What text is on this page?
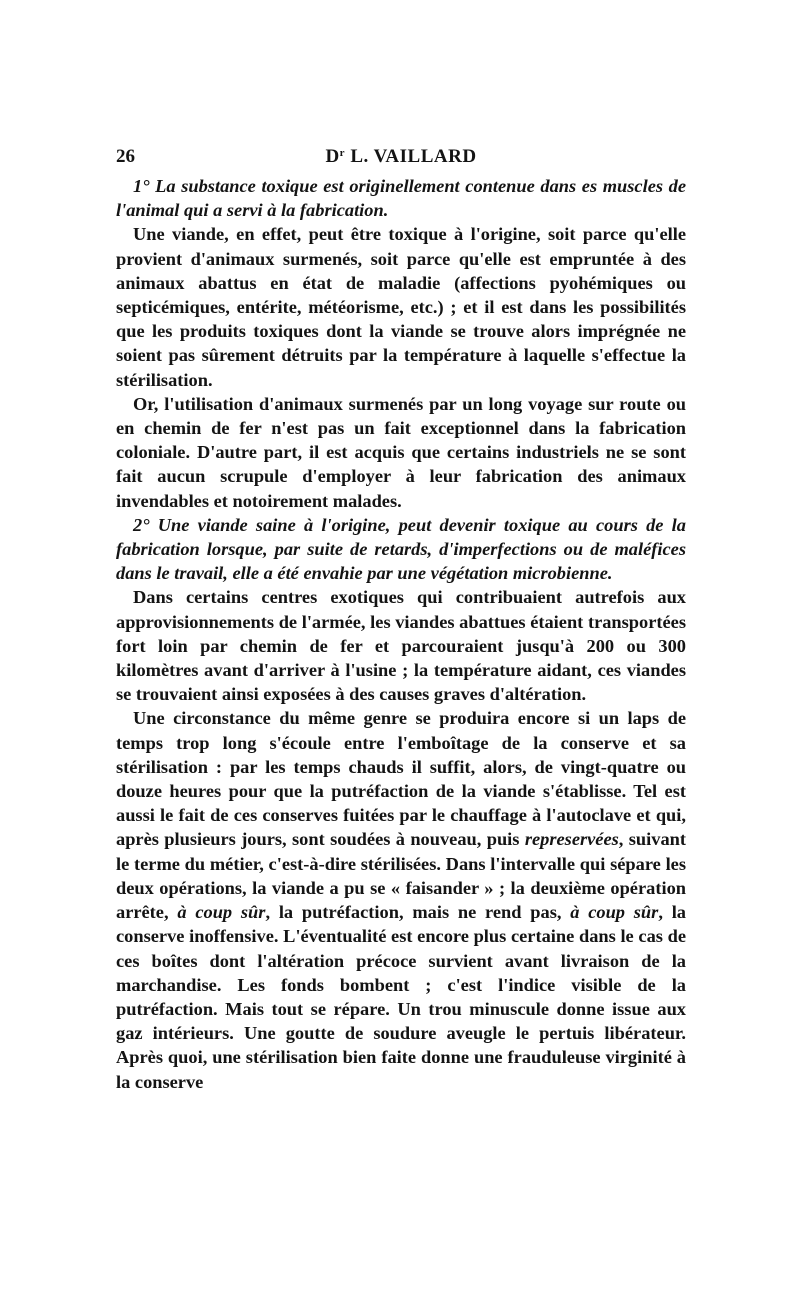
26	$D^r$ L. VAILLARD

1° La substance toxique est originellement contenue dans es muscles de l'animal qui a servi à la fabrication.

Une viande, en effet, peut être toxique à l'origine, soit parce qu'elle provient d'animaux surmenés, soit parce qu'elle est empruntée à des animaux abattus en état de maladie (affections pyohémiques ou septicémiques, entérite, météorisme, etc.) ; et il est dans les possibilités que les produits toxiques dont la viande se trouve alors imprégnée ne soient pas sûrement détruits par la température à laquelle s'effectue la stérilisation.

Or, l'utilisation d'animaux surmenés par un long voyage sur route ou en chemin de fer n'est pas un fait exceptionnel dans la fabrication coloniale. D'autre part, il est acquis que certains industriels ne se sont fait aucun scrupule d'employer à leur fabrication des animaux invendables et notoirement malades.

2° Une viande saine à l'origine, peut devenir toxique au cours de la fabrication lorsque, par suite de retards, d'imperfections ou de maléfices dans le travail, elle a été envahie par une végétation microbienne.

Dans certains centres exotiques qui contribuaient autrefois aux approvisionnements de l'armée, les viandes abattues étaient transportées fort loin par chemin de fer et parcouraient jusqu'à 200 ou 300 kilomètres avant d'arriver à l'usine ; la température aidant, ces viandes se trouvaient ainsi exposées à des causes graves d'altération.

Une circonstance du même genre se produira encore si un laps de temps trop long s'écoule entre l'emboîtage de la conserve et sa stérilisation : par les temps chauds il suffit, alors, de vingt-quatre ou douze heures pour que la putréfaction de la viande s'établisse. Tel est aussi le fait de ces conserves fuitées par le chauffage à l'autoclave et qui, après plusieurs jours, sont soudées à nouveau, puis represervées, suivant le terme du métier, c'est-à-dire stérilisées. Dans l'intervalle qui sépare les deux opérations, la viande a pu se « faisander » ; la deuxième opération arrête, à coup sûr, la putréfaction, mais ne rend pas, à coup sûr, la conserve inoffensive. L'éventualité est encore plus certaine dans le cas de ces boîtes dont l'altération précoce survient avant livraison de la marchandise. Les fonds bombent ; c'est l'indice visible de la putréfaction. Mais tout se répare. Un trou minuscule donne issue aux gaz intérieurs. Une goutte de soudure aveugle le pertuis libérateur. Après quoi, une stérilisation bien faite donne une frauduleuse virginité à la conserve
